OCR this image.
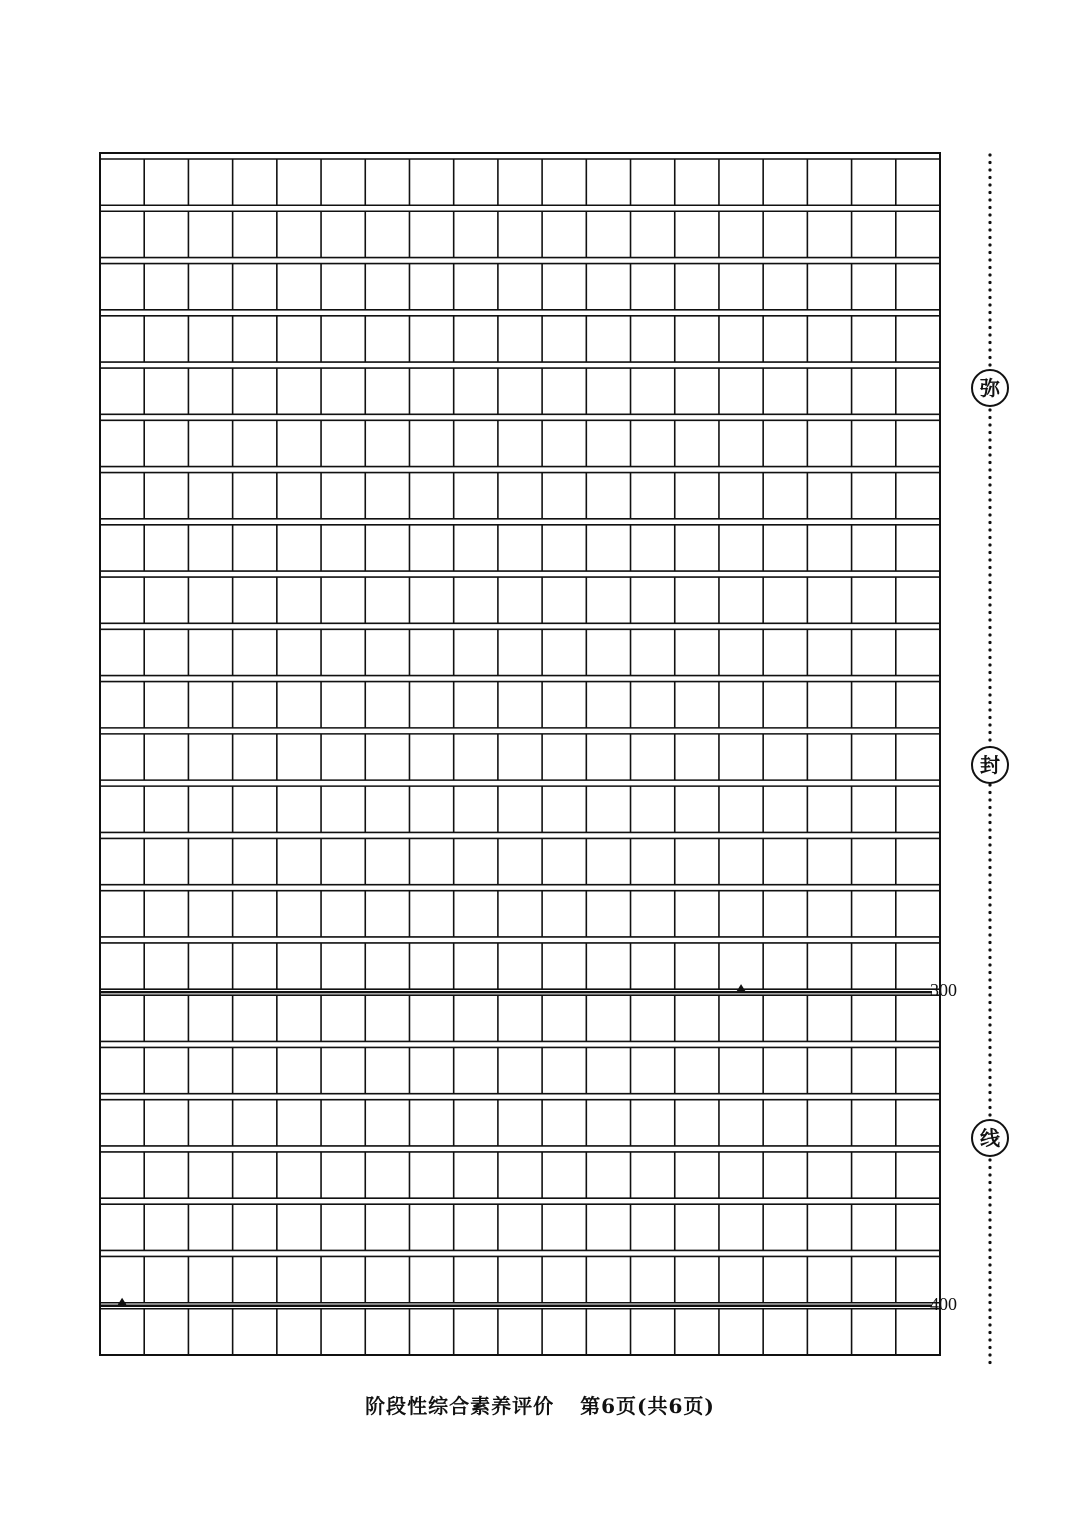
弥
封
线
300
400
阶段性综合素养评价 第6页(共6页)
